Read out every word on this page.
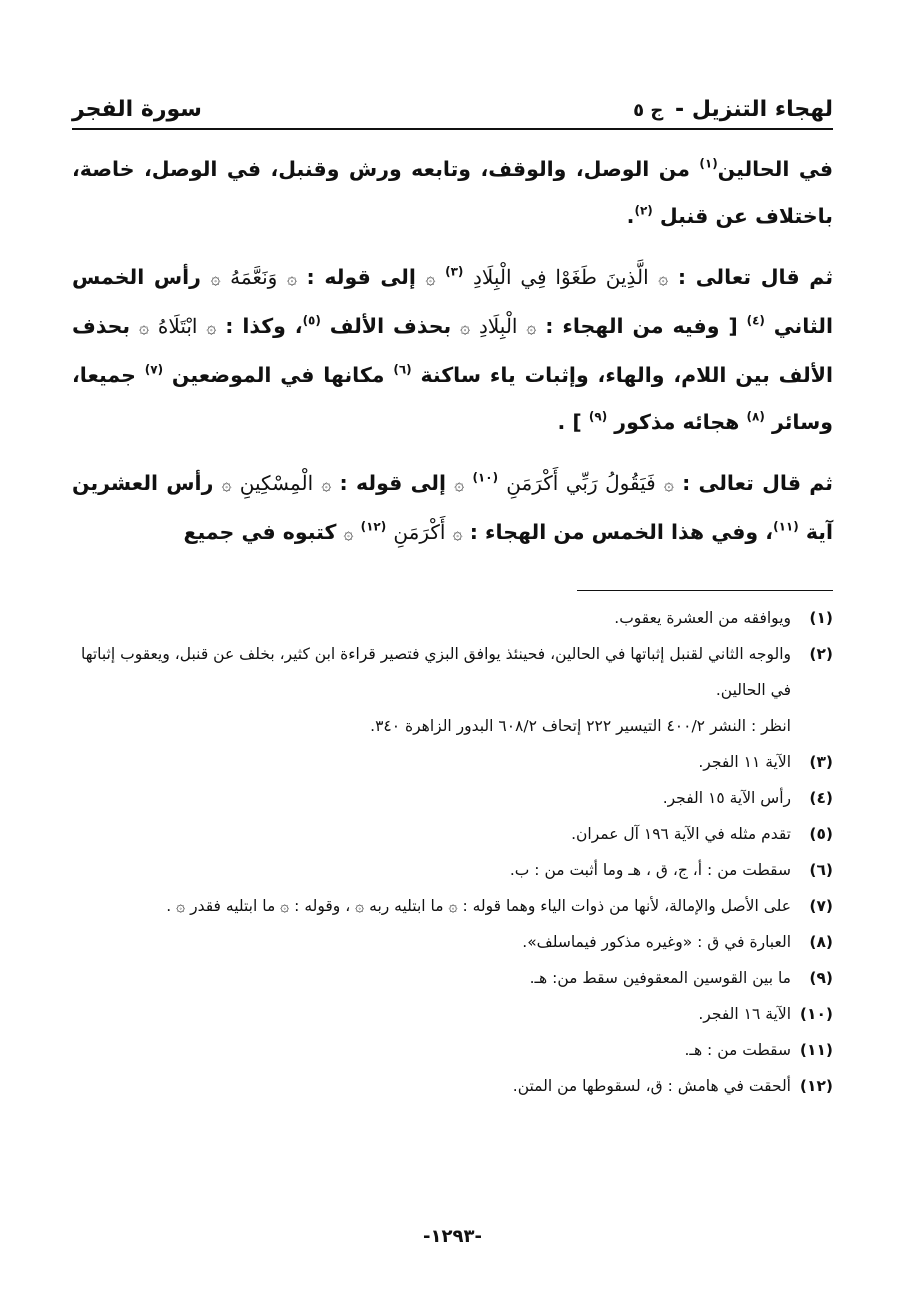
لهجاء التنزيل - ج ٥
سورة الفجر

في الحالين$^{(١)}$ من الوصل، والوقف، وتابعه ورش وقنبل، في الوصل، خاصة، باختلاف عن قنبل $^{(٢)}$.

ثم قال تعالى : ۞ الَّذِينَ طَغَوْا فِي الْبِلَادِ $^{(٣)}$ ۞ إلى قوله : ۞ وَنَعَّمَهُ ۞ رأس الخمس الثاني $^{(٤)}$ [ وفيه من الهجاء : ۞ الْبِلَادِ ۞ بحذف الألف $^{(٥)}$، وكذا : ۞ ابْتَلَاهُ ۞ بحذف الألف بين اللام، والهاء، وإثبات ياء ساكنة $^{(٦)}$ مكانها في الموضعين $^{(٧)}$ جميعا، وسائر $^{(٨)}$ هجائه مذكور $^{(٩)}$ ] .

ثم قال تعالى : ۞ فَيَقُولُ رَبِّي أَكْرَمَنِ $^{(١٠)}$ ۞ إلى قوله : ۞ الْمِسْكِينِ ۞ رأس العشرين آية $^{(١١)}$، وفي هذا الخمس من الهجاء : ۞ أَكْرَمَنِ $^{(١٢)}$ ۞ كتبوه في جميع

(١)
ويوافقه من العشرة يعقوب.
(٢)
والوجه الثاني لقنبل إثباتها في الحالين، فحينئذ يوافق البزي فتصير قراءة ابن كثير، بخلف عن قنبل، ويعقوب إثباتها في الحالين.
انظر : النشر ٤٠٠/٢ التيسير ٢٢٢ إتحاف ٦٠٨/٢ البدور الزاهرة ٣٤٠.
(٣)
الآية ١١ الفجر.
(٤)
رأس الآية ١٥ الفجر.
(٥)
تقدم مثله في الآية ١٩٦ آل عمران.
(٦)
سقطت من : أ، ج، ق ، هـ وما أثبت من : ب.
(٧)
على الأصل والإمالة، لأنها من ذوات الياء وهما قوله : ۞ ما ابتليه ربه ۞ ، وقوله : ۞ ما ابتليه فقدر ۞ .
(٨)
العبارة في ق : «وغيره مذكور فيماسلف».
(٩)
ما بين القوسين المعقوفين سقط من: هـ.
(١٠)
الآية ١٦ الفجر.
(١١)
سقطت من : هـ.
(١٢)
ألحقت في هامش : ق، لسقوطها من المتن.
-١٢٩٣-
